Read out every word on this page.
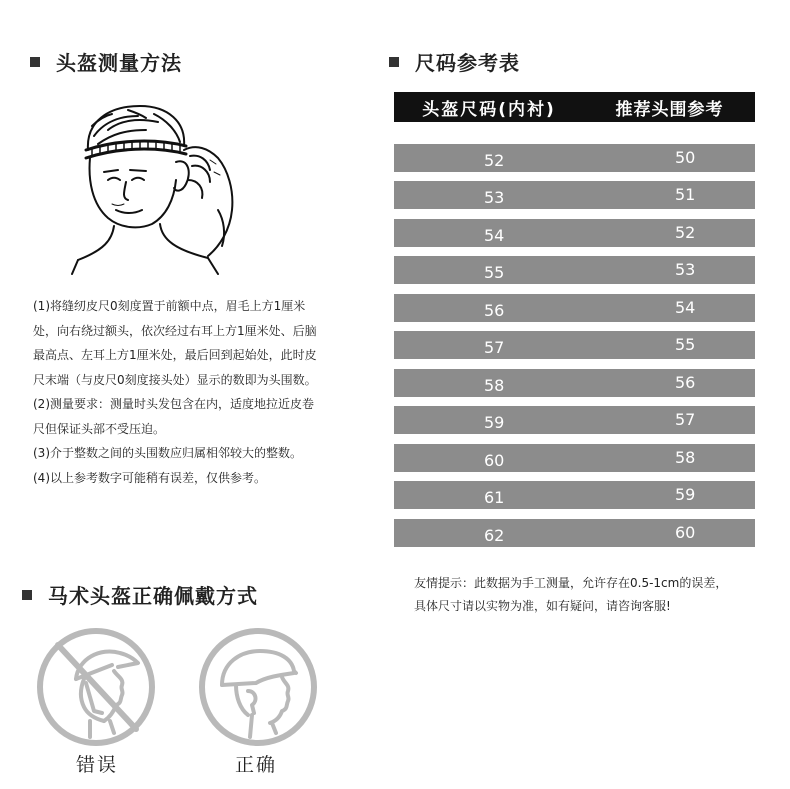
头盔测量方法

(1)将缝纫皮尺0刻度置于前额中点，眉毛上方1厘米处，向右绕过额头，依次经过右耳上方1厘米处、后脑最高点、左耳上方1厘米处，最后回到起始处，此时皮尺末端（与皮尺0刻度接头处）显示的数即为头围数。

(2)测量要求：测量时头发包含在内，适度地拉近皮卷尺但保证头部不受压迫。

(3)介于整数之间的头围数应归属相邻较大的整数。

(4)以上参考数字可能稍有误差，仅供参考。

尺码参考表
头盔尺码(内衬)	推荐头围参考
52	50
53	51
54	52
55	53
56	54
57	55
58	56
59	57
60	58
61	59
62	60

友情提示：此数据为手工测量，允许存在0.5-1cm的误差，

具体尺寸请以实物为准，如有疑问，请咨询客服!

马术头盔正确佩戴方式
错误	正确
